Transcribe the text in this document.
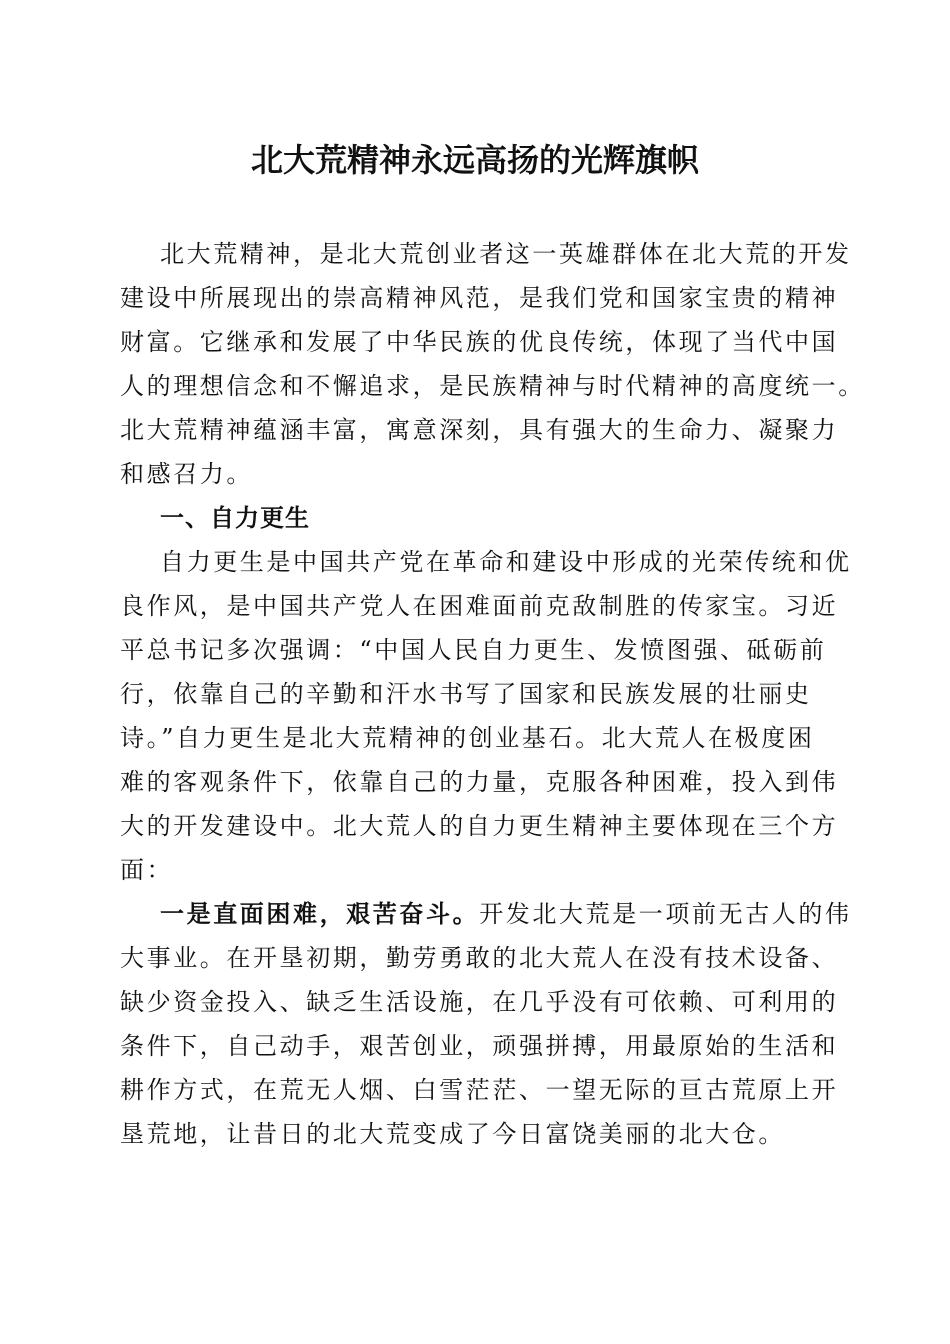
北大荒精神永远高扬的光辉旗帜
北大荒精神，是北大荒创业者这一英雄群体在北大荒的开发
建设中所展现出的崇高精神风范，是我们党和国家宝贵的精神
财富。它继承和发展了中华民族的优良传统，体现了当代中国
人的理想信念和不懈追求，是民族精神与时代精神的高度统一。
北大荒精神蕴涵丰富，寓意深刻，具有强大的生命力、凝聚力
和感召力。
一、自力更生
自力更生是中国共产党在革命和建设中形成的光荣传统和优
良作风，是中国共产党人在困难面前克敌制胜的传家宝。习近
平总书记多次强调：“中国人民自力更生、发愤图强、砥砺前
行，依靠自己的辛勤和汗水书写了国家和民族发展的壮丽史
诗。”自力更生是北大荒精神的创业基石。北大荒人在极度困
难的客观条件下，依靠自己的力量，克服各种困难，投入到伟
大的开发建设中。北大荒人的自力更生精神主要体现在三个方
面：
一是直面困难，艰苦奋斗。开发北大荒是一项前无古人的伟
大事业。在开垦初期，勤劳勇敢的北大荒人在没有技术设备、
缺少资金投入、缺乏生活设施，在几乎没有可依赖、可利用的
条件下，自己动手，艰苦创业，顽强拼搏，用最原始的生活和
耕作方式，在荒无人烟、白雪茫茫、一望无际的亘古荒原上开
垦荒地，让昔日的北大荒变成了今日富饶美丽的北大仓。
